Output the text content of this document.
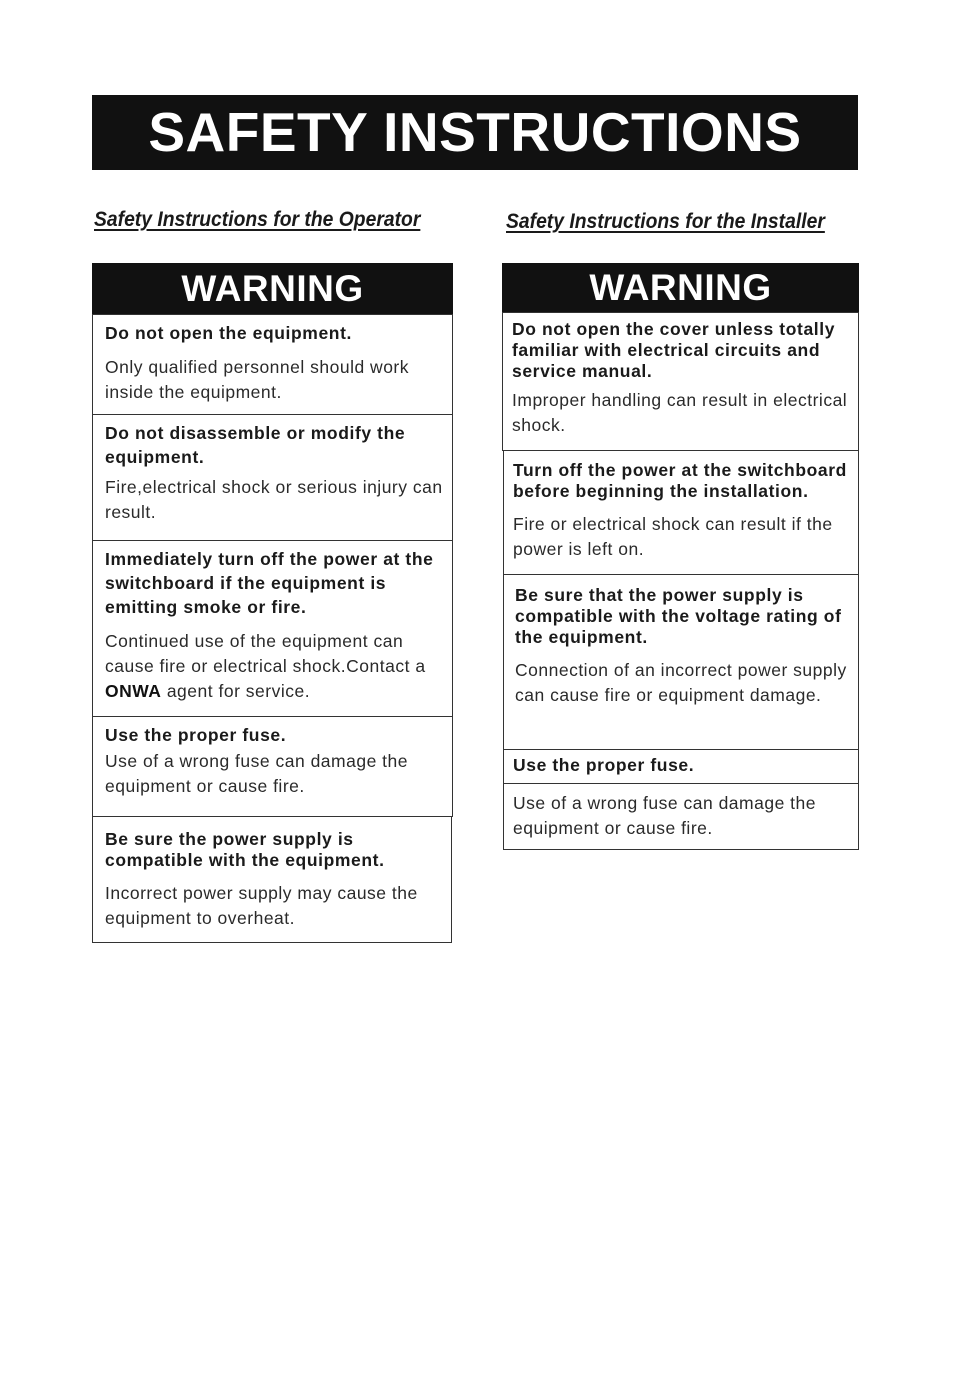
SAFETY INSTRUCTIONS
Safety Instructions for the Operator
WARNING
Do not open the equipment.
Only qualified personnel should work inside the equipment.
Do not disassemble or modify the equipment.
Fire,electrical shock or serious injury can result.
Immediately turn off the power at the switchboard if the equipment is emitting smoke or fire.
Continued use of the equipment can cause fire or electrical shock.Contact a ONWA agent for service.
Use the proper fuse.
Use of a wrong fuse can damage the equipment or cause fire.
Be sure the power supply is compatible with the equipment.
Incorrect power supply may cause the equipment to overheat.
Safety Instructions for the Installer
WARNING
Do not open the cover unless totally familiar with electrical circuits and service manual.
Improper handling can result in electrical shock.
Turn off the power at the switchboard before beginning the installation.
Fire or electrical shock can result if the power is left on.
Be sure that the power supply is compatible with the voltage rating of the equipment.
Connection of an incorrect power supply can cause fire or equipment damage.
Use the proper fuse.
Use of a wrong fuse can damage the equipment or cause fire.
